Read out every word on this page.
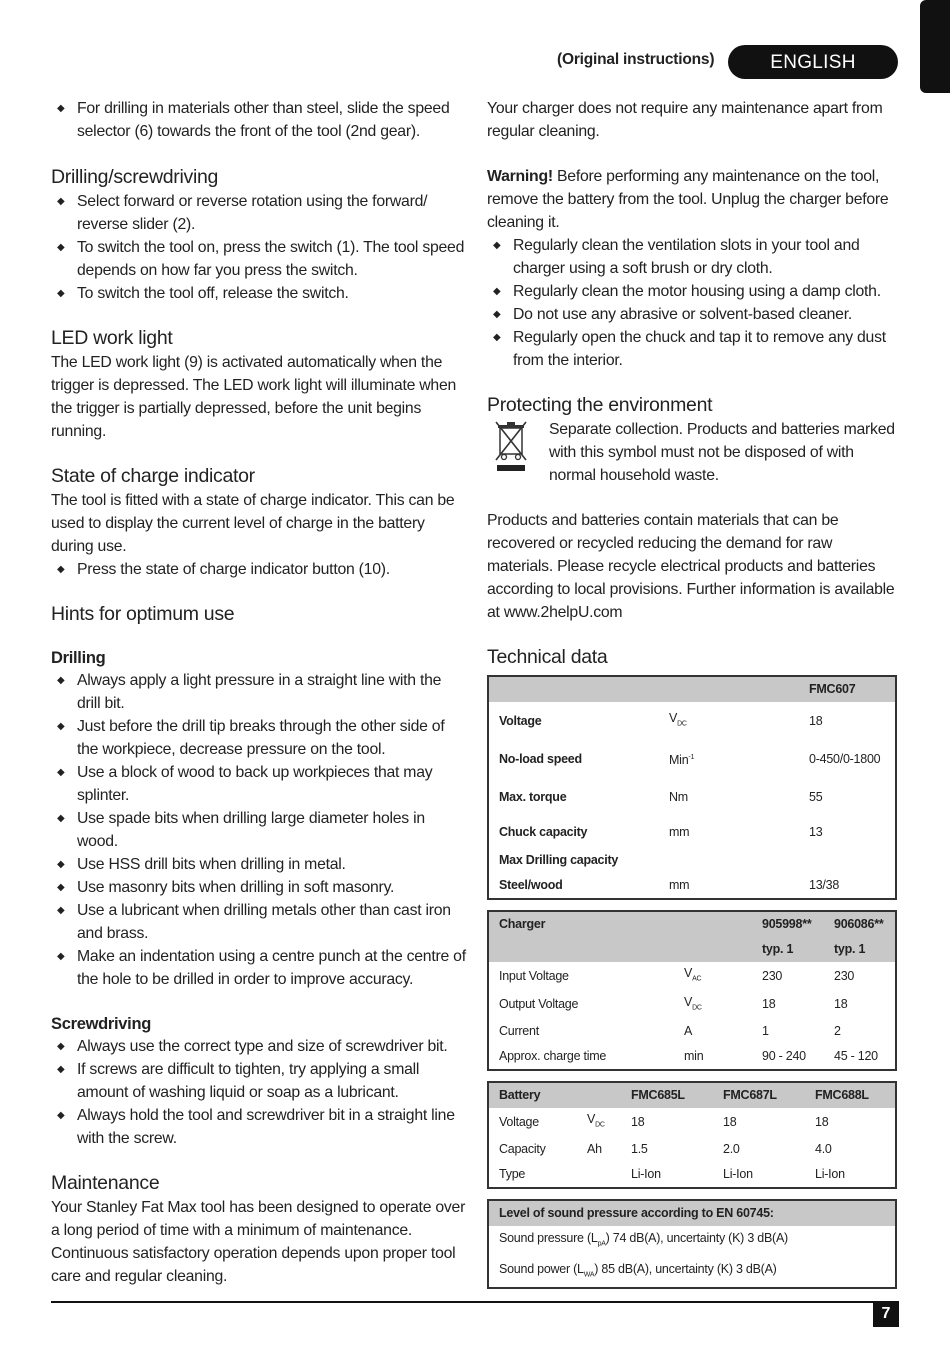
(Original instructions)	ENGLISH
◆ For drilling in materials other than steel, slide the speed selector (6) towards the front of the tool (2nd gear).
Drilling/screwdriving
◆ Select forward or reverse rotation using the forward/ reverse slider (2).
◆ To switch the tool on, press the switch (1). The tool speed depends on how far you press the switch.
◆ To switch the tool off, release the switch.
LED work light

The LED work light (9) is activated automatically when the trigger is depressed. The LED work light will illuminate when the trigger is partially depressed, before the unit begins running.

State of charge indicator

The tool is fitted with a state of charge indicator. This can be used to display the current level of charge in the battery during use.

◆ Press the state of charge indicator button (10).
Hints for optimum use
Drilling
◆ Always apply a light pressure in a straight line with the drill bit.
◆ Just before the drill tip breaks through the other side of the workpiece, decrease pressure on the tool.
◆ Use a block of wood to back up workpieces that may splinter.
◆ Use spade bits when drilling large diameter holes in wood.
◆ Use HSS drill bits when drilling in metal.
◆ Use masonry bits when drilling in soft masonry.
◆ Use a lubricant when drilling metals other than cast iron and brass.
◆ Make an indentation using a centre punch at the centre of the hole to be drilled in order to improve accuracy.
Screwdriving
◆ Always use the correct type and size of screwdriver bit.
◆ If screws are difficult to tighten, try applying a small amount of washing liquid or soap as a lubricant.
◆ Always hold the tool and screwdriver bit in a straight line with the screw.
Maintenance

Your Stanley Fat Max tool has been designed to operate over a long period of time with a minimum of maintenance. Continuous satisfactory operation depends upon proper tool care and regular cleaning.

Your charger does not require any maintenance apart from regular cleaning.

Warning! Before performing any maintenance on the tool, remove the battery from the tool. Unplug the charger before cleaning it.

◆ Regularly clean the ventilation slots in your tool and charger using a soft brush or dry cloth.
◆ Regularly clean the motor housing using a damp cloth.
◆ Do not use any abrasive or solvent-based cleaner.
◆ Regularly open the chuck and tap it to remove any dust from the interior.
Protecting the environment

Separate collection. Products and batteries marked with this symbol must not be disposed of with normal household waste.

Products and batteries contain materials that can be recovered or recycled reducing the demand for raw materials. Please recycle electrical products and batteries according to local provisions. Further information is available at www.2helpU.com

Technical data
		FMC607
Voltage	$V_{DC}$	18
No-load speed	Min$^{-1}$	0-450/0-1800
Max. torque	Nm	55
Chuck capacity	mm	13
Max Drilling capacity		
Steel/wood	mm	13/38
Charger		905998**	906086**
		typ. 1	typ. 1
Input Voltage	$V_{AC}$	230	230
Output Voltage	$V_{DC}$	18	18
Current	A	1	2
Approx. charge time	min	90 - 240	45 - 120
Battery		FMC685L	FMC687L	FMC688L
Voltage	$V_{DC}$	18	18	18
Capacity	Ah	1.5	2.0	4.0
Type		Li-Ion	Li-Ion	Li-Ion
Level of sound pressure according to EN 60745:
Sound pressure $(L_{pA})$ 74 dB(A), uncertainty (K) 3 dB(A)
Sound power $(L_{WA})$ 85 dB(A), uncertainty (K) 3 dB(A)
7
